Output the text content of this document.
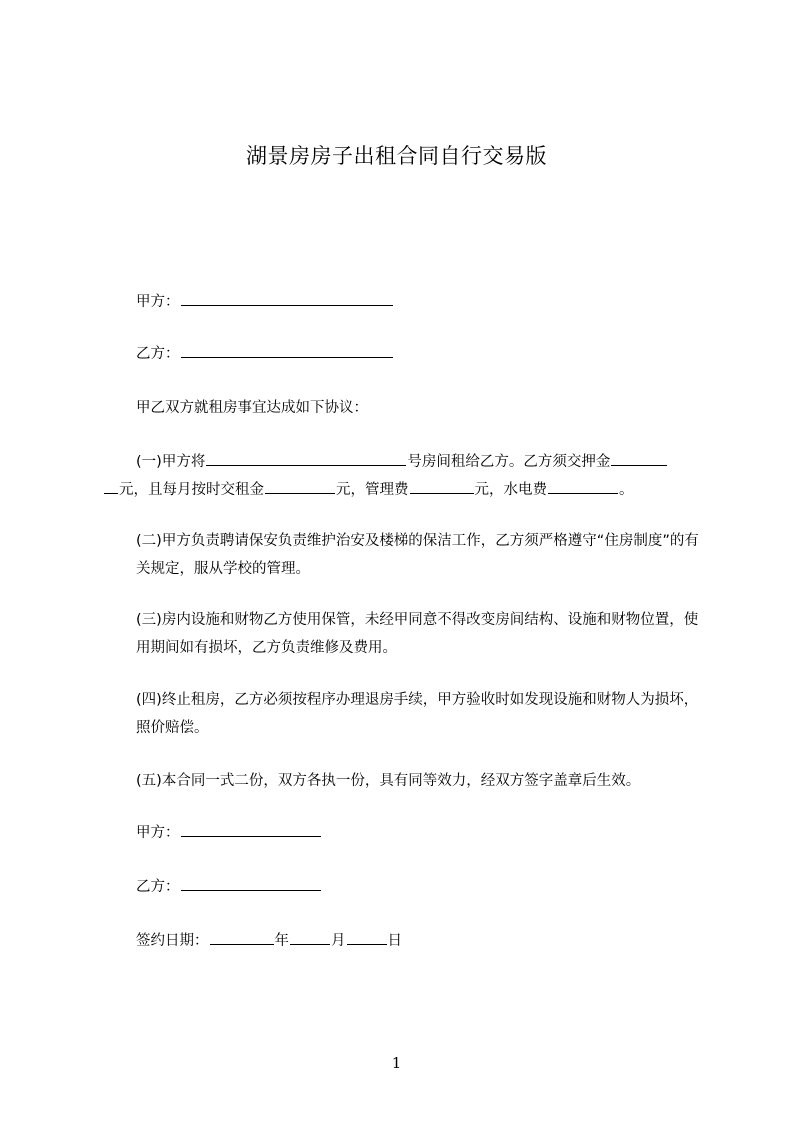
湖景房房子出租合同自行交易版
甲方：
乙方：
甲乙双方就租房事宜达成如下协议：
(一)甲方将	号房间租给乙方。乙方须交押金
元，且每月按时交租金	元，管理费	元，水电费	。
(二)甲方负责聘请保安负责维护治安及楼梯的保洁工作，乙方须严格遵守“住房制度”的有关规定，服从学校的管理。
(三)房内设施和财物乙方使用保管，未经甲同意不得改变房间结构、设施和财物位置，使用期间如有损坏，乙方负责维修及费用。
(四)终止租房，乙方必须按程序办理退房手续，甲方验收时如发现设施和财物人为损坏，照价赔偿。
(五)本合同一式二份，双方各执一份，具有同等效力，经双方签字盖章后生效。
甲方：
乙方：
签约日期：	年	月	日
1
